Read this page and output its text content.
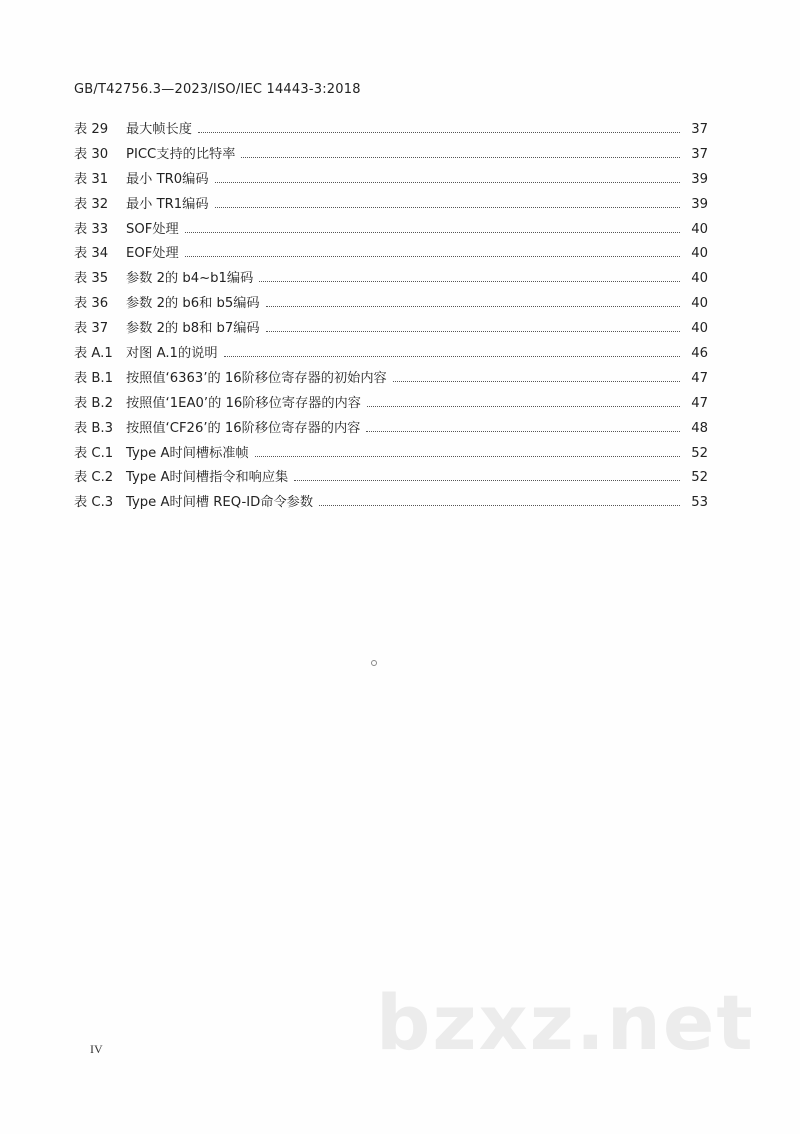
GB/T42756.3—2023/ISO/IEC 14443-3:2018
表 29	最大帧长度	37
表 30	PICC支持的比特率	37
表 31	最小 TR0编码	39
表 32	最小 TR1编码	39
表 33	SOF处理	40
表 34	EOF处理	40
表 35	参数 2的 b4~b1编码	40
表 36	参数 2的 b6和 b5编码	40
表 37	参数 2的 b8和 b7编码	40
表 A.1	对图 A.1的说明	46
表 B.1 按照值‘6363’的 16阶移位寄存器的初始内容	47
表 B.2 按照值‘1EA0’的 16阶移位寄存器的内容	47
表 B.3 按照值‘CF26’的 16阶移位寄存器的内容	48
表 C.1 Type A时间槽标准帧	52
表 C.2 Type A时间槽指令和响应集	52
表 C.3 Type A时间槽 REQ-ID命令参数	53
bzxz.net
IV
